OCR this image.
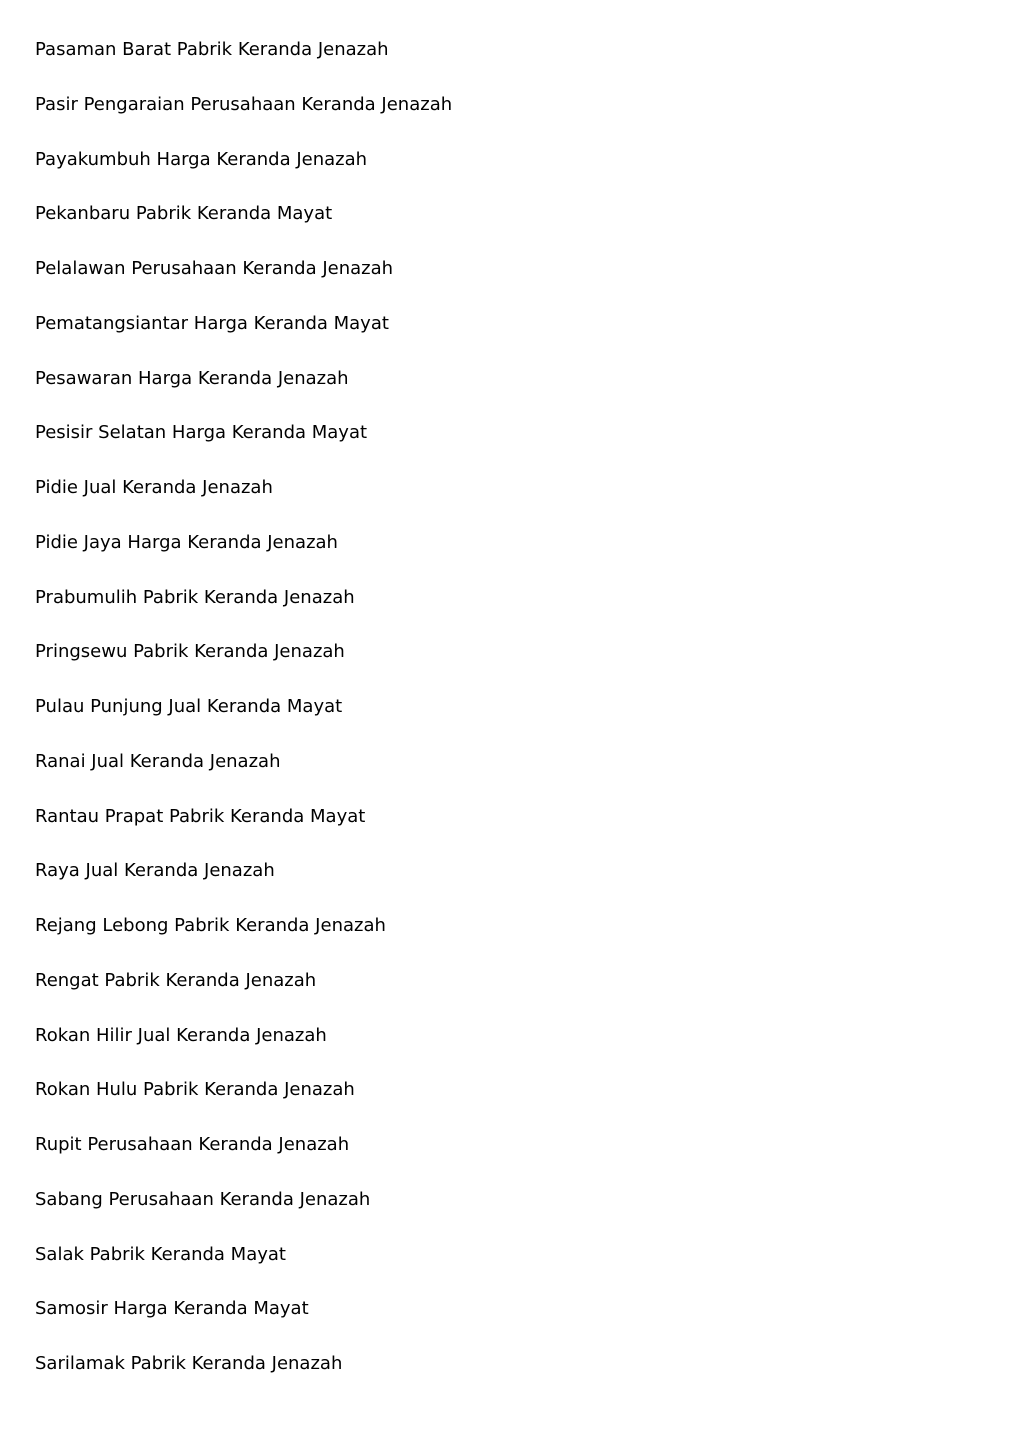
Pasaman Barat Pabrik Keranda Jenazah
Pasir Pengaraian Perusahaan Keranda Jenazah
Payakumbuh Harga Keranda Jenazah
Pekanbaru Pabrik Keranda Mayat
Pelalawan Perusahaan Keranda Jenazah
Pematangsiantar Harga Keranda Mayat
Pesawaran Harga Keranda Jenazah
Pesisir Selatan Harga Keranda Mayat
Pidie Jual Keranda Jenazah
Pidie Jaya Harga Keranda Jenazah
Prabumulih Pabrik Keranda Jenazah
Pringsewu Pabrik Keranda Jenazah
Pulau Punjung Jual Keranda Mayat
Ranai Jual Keranda Jenazah
Rantau Prapat Pabrik Keranda Mayat
Raya Jual Keranda Jenazah
Rejang Lebong Pabrik Keranda Jenazah
Rengat Pabrik Keranda Jenazah
Rokan Hilir Jual Keranda Jenazah
Rokan Hulu Pabrik Keranda Jenazah
Rupit Perusahaan Keranda Jenazah
Sabang Perusahaan Keranda Jenazah
Salak Pabrik Keranda Mayat
Samosir Harga Keranda Mayat
Sarilamak Pabrik Keranda Jenazah
